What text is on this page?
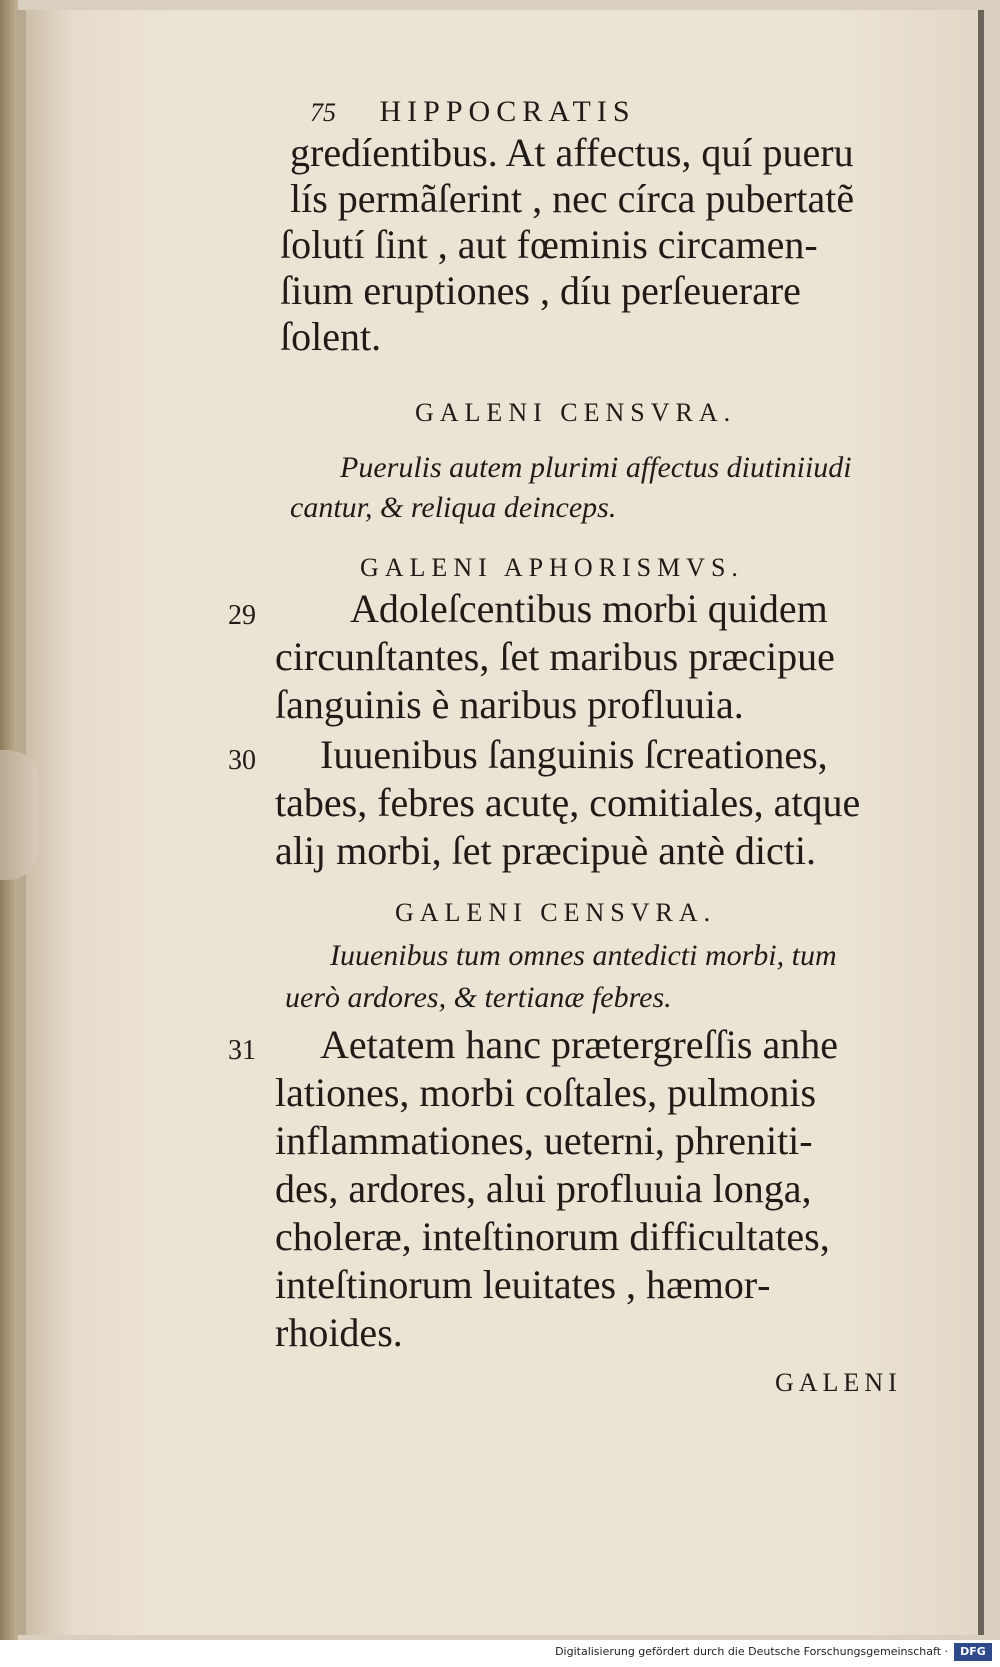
75 HIPPOCRATIS
gredíentibus. At affectus, quí pueru
lís permãſerint , nec círca pubertatẽ
ſolutí ſint , aut fœminis circamen‑
ſium eruptiones , díu perſeuerare
ſolent.
GALENI CENSVRA.
Puerulis autem plurimi affectus diutiniiudi
cantur, & reliqua deinceps.
GALENI APHORISMVS.
29 Adoleſcentibus morbi quidem
circunſtantes, ſet maribus præcipue
ſanguinis è naribus profluuia.
30 Iuuenibus ſanguinis ſcreationes,
tabes, febres acutę, comitiales, atque
aliȷ morbi, ſet præcipuè antè dicti.
GALENI CENSVRA.
Iuuenibus tum omnes antedicti morbi, tum
uerò ardores, & tertianæ febres.
31 Aetatem hanc prætergreſſis anhe
lationes, morbi coſtales, pulmonis
inflammationes, ueterni, phreniti‑
des, ardores, alui profluuia longa,
choleræ, inteſtinorum difficultates,
inteſtinorum leuitates , hæmor‑
rhoides.
GALENI
Digitalisierung gefördert durch die Deutsche Forschungsgemeinschaft ·	DFG
